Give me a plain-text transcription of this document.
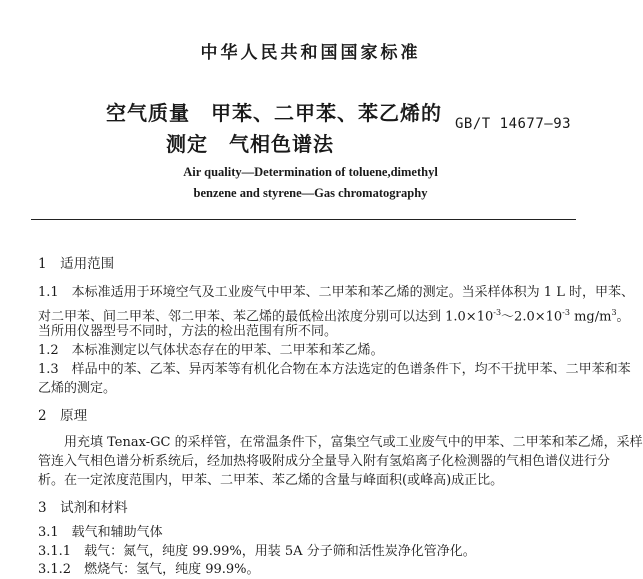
中华人民共和国国家标准
空气质量　甲苯、二甲苯、苯乙烯的
测定　气相色谱法
GB/T 14677—93
Air quality—Determination of toluene,dimethyl
benzene and styrene—Gas chromatography
1　适用范围
1.1　本标准适用于环境空气及工业废气中甲苯、二甲苯和苯乙烯的测定。当采样体积为 1 L 时，甲苯、
对二甲苯、间二甲苯、邻二甲苯、苯乙烯的最低检出浓度分别可以达到 $1.0\times 10^{-3}\sim 2.0\times 10^{-3}$ $mg/m^3$。
当所用仪器型号不同时，方法的检出范围有所不同。
1.2　本标准测定以气体状态存在的甲苯、二甲苯和苯乙烯。
1.3　样品中的苯、乙苯、异丙苯等有机化合物在本方法选定的色谱条件下，均不干扰甲苯、二甲苯和苯
乙烯的测定。
2　原理
用充填 Tenax-GC 的采样管，在常温条件下，富集空气或工业废气中的甲苯、二甲苯和苯乙烯，采样
管连入气相色谱分析系统后，经加热将吸附成分全量导入附有氢焰离子化检测器的气相色谱仪进行分
析。在一定浓度范围内，甲苯、二甲苯、苯乙烯的含量与峰面积(或峰高)成正比。
3　试剂和材料
3.1　载气和辅助气体
3.1.1　载气：氮气，纯度 99.99%，用装 5A 分子筛和活性炭净化管净化。
3.1.2　燃烧气：氢气，纯度 99.9%。
